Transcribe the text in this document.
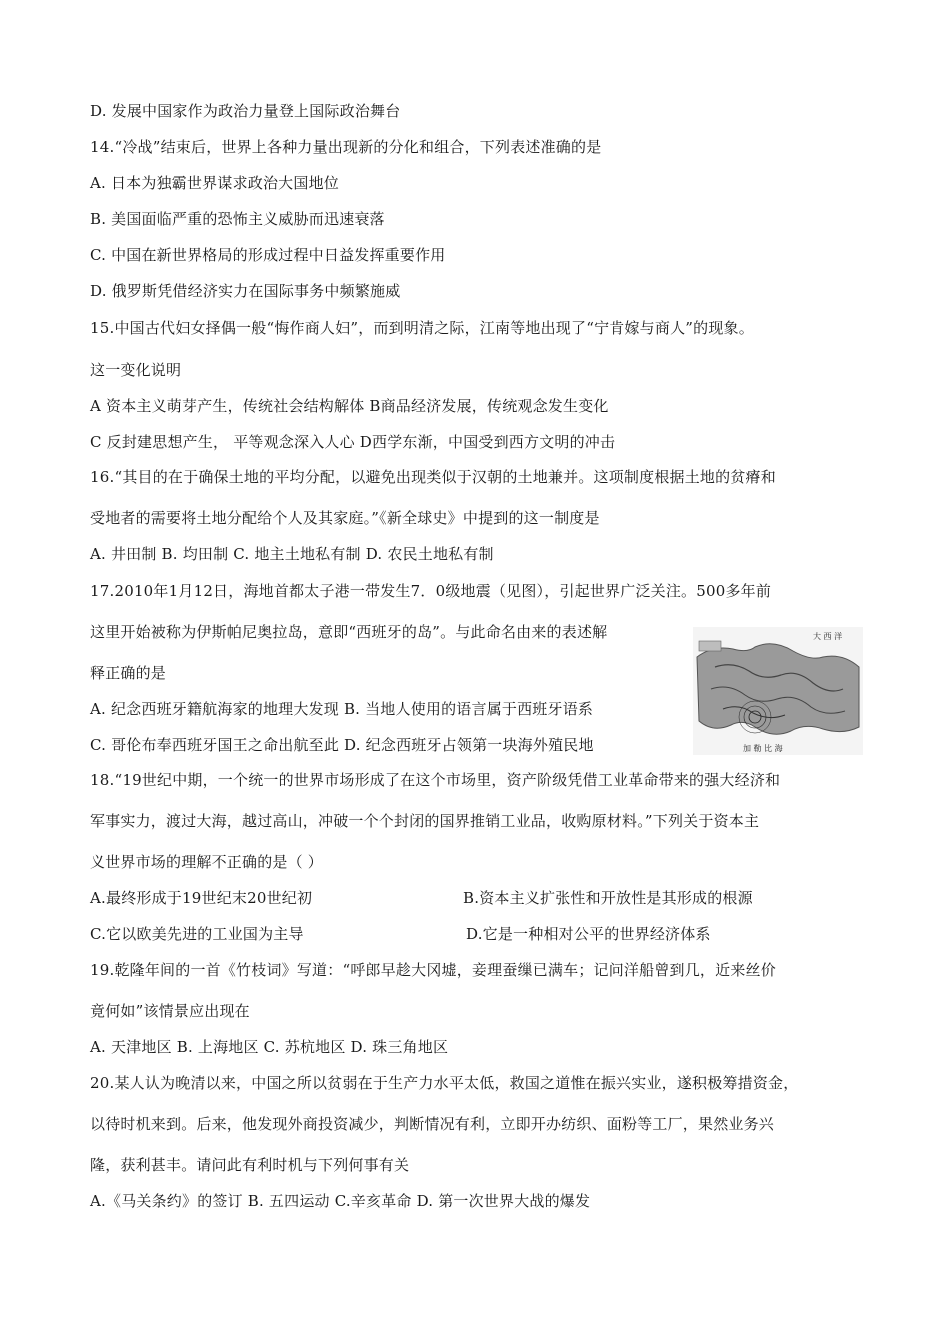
D. 发展中国家作为政治力量登上国际政治舞台
14.“冷战”结束后，世界上各种力量出现新的分化和组合，下列表述准确的是
A. 日本为独霸世界谋求政治大国地位
B. 美国面临严重的恐怖主义威胁而迅速衰落
C. 中国在新世界格局的形成过程中日益发挥重要作用
D. 俄罗斯凭借经济实力在国际事务中频繁施威
15.中国古代妇女择偶一般“悔作商人妇”，而到明清之际，江南等地出现了“宁肯嫁与商人”的现象。
这一变化说明
A 资本主义萌芽产生，传统社会结构解体 B商品经济发展，传统观念发生变化
C 反封建思想产生， 平等观念深入人心 D西学东渐，中国受到西方文明的冲击
16.“其目的在于确保土地的平均分配，以避免出现类似于汉朝的土地兼并。这项制度根据土地的贫瘠和
受地者的需要将土地分配给个人及其家庭。”《新全球史》中提到的这一制度是
A. 井田制 B. 均田制 C. 地主土地私有制 D. 农民土地私有制
17.2010年1月12日，海地首都太子港一带发生7．0级地震（见图），引起世界广泛关注。500多年前
这里开始被称为伊斯帕尼奥拉岛，意即“西班牙的岛”。与此命名由来的表述解
释正确的是
A. 纪念西班牙籍航海家的地理大发现 B. 当地人使用的语言属于西班牙语系
C. 哥伦布奉西班牙国王之命出航至此 D. 纪念西班牙占领第一块海外殖民地
大 西 洋
加 勒 比 海
18.“19世纪中期，一个统一的世界市场形成了在这个市场里，资产阶级凭借工业革命带来的强大经济和
军事实力，渡过大海，越过高山，冲破一个个封闭的国界推销工业品，收购原材料。”下列关于资本主
义世界市场的理解不正确的是（ ）
A.最终形成于19世纪末20世纪初	B.资本主义扩张性和开放性是其形成的根源
C.它以欧美先进的工业国为主导	D.它是一种相对公平的世界经济体系
19.乾隆年间的一首《竹枝词》写道：“呼郎早趁大冈墟，妾理蚕缫已满车；记问洋船曾到几，近来丝价
竟何如”该情景应出现在
A. 天津地区 B. 上海地区 C. 苏杭地区 D. 珠三角地区
20.某人认为晚清以来，中国之所以贫弱在于生产力水平太低，救国之道惟在振兴实业，遂积极筹措资金，
以待时机来到。后来，他发现外商投资减少，判断情况有利，立即开办纺织、面粉等工厂，果然业务兴
隆，获利甚丰。请问此有利时机与下列何事有关
A.《马关条约》的签订 B. 五四运动 C.辛亥革命 D. 第一次世界大战的爆发
